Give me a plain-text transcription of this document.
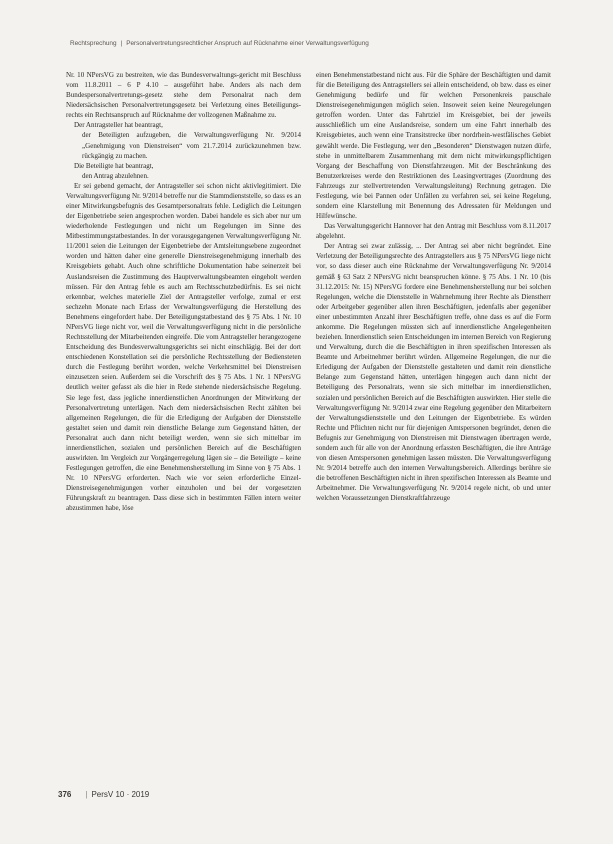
Rechtsprechung | Personalvertretungsrechtlicher Anspruch auf Rücknahme einer Verwaltungsverfügung

Nr. 10 NPersVG zu bestreiten, wie das Bundesverwaltungs-gericht mit Beschluss vom 11.8.2011 – 6 P 4.10 – ausgeführt habe. Anders als nach dem Bundespersonalvertretungs-gesetz stehe dem Personalrat nach dem Niedersächsischen Personalvertretungsgesetz bei Verletzung eines Beteiligungs-rechts ein Rechtsanspruch auf Rücknahme der vollzogenen Maßnahme zu.

Der Antragsteller hat beantragt,

der Beteiligten aufzugeben, die Verwaltungsverfügung Nr. 9/2014 „Genehmigung von Dienstreisen“ vom 21.7.2014 zurückzunehmen bzw. rückgängig zu machen.

Die Beteiligte hat beantragt,

den Antrag abzulehnen.

Er sei gebend gemacht, der Antragsteller sei schon nicht aktivlegitimiert. Die Verwaltungsverfügung Nr. 9/2014 betreffe nur die Stammdienststelle, so dass es an einer Mitwirkungsbefugnis des Gesamtpersonalrats fehle. Lediglich die Leitungen der Eigenbetriebe seien angesprochen worden. Dabei handele es sich aber nur um wiederholende Festlegungen und nicht um Regelungen im Sinne des Mitbestimmungstatbestandes. In der vorausgegangenen Verwaltungsverfügung Nr. 11/2001 seien die Leitungen der Eigenbetriebe der Amtsleitungsebene zugeordnet worden und hätten daher eine generelle Dienstreisegenehmigung innerhalb des Kreisgebiets gehabt. Auch ohne schriftliche Dokumentation habe seinerzeit bei Auslandsreisen die Zustimmung des Hauptverwaltungsbeamten eingeholt werden müssen. Für den Antrag fehle es auch am Rechtsschutzbedürfnis. Es sei nicht erkennbar, welches materielle Ziel der Antragsteller verfolge, zumal er erst sechzehn Monate nach Erlass der Verwaltungsverfügung die Herstellung des Benehmens eingefordert habe. Der Beteiligungstatbestand des § 75 Abs. 1 Nr. 10 NPersVG liege nicht vor, weil die Verwaltungsverfügung nicht in die persönliche Rechtsstellung der Mitarbeitenden eingreife. Die vom Antragsteller herangezogene Entscheidung des Bundesverwaltungsgerichts sei nicht einschlägig. Bei der dort entschiedenen Konstellation sei die persönliche Rechtsstellung der Bediensteten durch die Festlegung berührt worden, welche Verkehrsmittel bei Dienstreisen einzusetzen seien. Außerdem sei die Vorschrift des § 75 Abs. 1 Nr. 1 NPersVG deutlich weiter gefasst als die hier in Rede stehende niedersächsische Regelung. Sie lege fest, dass jegliche innerdienstlichen Anordnungen der Mitwirkung der Personalvertretung unterlägen. Nach dem niedersächsischen Recht zählten bei allgemeinen Regelungen, die für die Erledigung der Aufgaben der Dienststelle gestaltet seien und damit rein dienstliche Belange zum Gegenstand hätten, der Personalrat auch dann nicht beteiligt werden, wenn sie sich mittelbar im innerdienstlichen, sozialen und persönlichen Bereich auf die Beschäftigten auswirkten. Im Vergleich zur Vorgängerregelung lägen sie – die Beteiligte – keine Festlegungen getroffen, die eine Benehmensherstellung im Sinne von § 75 Abs. 1 Nr. 10 NPersVG erforderten. Nach wie vor seien erforderliche Einzel-Dienstreisegenehmigungen vorher einzuholen und bei der vorgesetzten Führungskraft zu beantragen. Dass diese sich in bestimmten Fällen intern weiter abzustimmen habe, löse

einen Benehmenstatbestand nicht aus. Für die Sphäre der Beschäftigten und damit für die Beteiligung des Antragstellers sei allein entscheidend, ob bzw. dass es einer Genehmigung bedürfe und für welchen Personenkreis pauschale Dienstreisegenehmigungen möglich seien. Insoweit seien keine Neuregelungen getroffen worden. Unter das Fahrtziel im Kreisgebiet, bei der jeweils ausschließlich um eine Auslandsreise, sondern um eine Fahrt innerhalb des Kreisgebietes, auch wenn eine Transitstrecke über nordrhein-westfälisches Gebiet gewählt werde. Die Festlegung, wer den „Besonderen“ Dienstwagen nutzen dürfe, stehe in unmittelbarem Zusammenhang mit dem nicht mitwirkungspflichtigen Vorgang der Beschaffung von Dienstfahrzeugen. Mit der Beschränkung des Benutzerkreises werde den Restriktionen des Leasingvertrages (Zuordnung des Fahrzeugs zur stellvertretenden Verwaltungsleitung) Rechnung getragen. Die Festlegung, wie bei Pannen oder Unfällen zu verfahren sei, sei keine Regelung, sondern eine Klarstellung mit Benennung des Adressaten für Meldungen und Hilfewünsche.

Das Verwaltungsgericht Hannover hat den Antrag mit Beschluss vom 8.11.2017 abgelehnt.

Der Antrag sei zwar zulässig, ... Der Antrag sei aber nicht begründet. Eine Verletzung der Beteiligungsrechte des Antragstellers aus § 75 NPersVG liege nicht vor, so dass dieser auch eine Rücknahme der Verwaltungsverfügung Nr. 9/2014 gemäß § 63 Satz 2 NPersVG nicht beanspruchen könne. § 75 Abs. 1 Nr. 10 (bis 31.12.2015: Nr. 15) NPersVG fordere eine Benehmensherstellung nur bei solchen Regelungen, welche die Dienststelle in Wahrnehmung ihrer Rechte als Dienstherr oder Arbeitgeber gegenüber allen ihren Beschäftigten, jedenfalls aber gegenüber einer unbestimmten Anzahl ihrer Beschäftigten treffe, ohne dass es auf die Form ankomme. Die Regelungen müssten sich auf innerdienstliche Angelegenheiten beziehen. Innerdienstlich seien Entscheidungen im internen Bereich von Regierung und Verwaltung, durch die die Beschäftigten in ihren spezifischen Interessen als Beamte und Arbeitnehmer berührt würden. Allgemeine Regelungen, die nur die Erledigung der Aufgaben der Dienststelle gestalteten und damit rein dienstliche Belange zum Gegenstand hätten, unterlägen hingegen auch dann nicht der Beteiligung des Personalrats, wenn sie sich mittelbar im innerdienstlichen, sozialen und persönlichen Bereich auf die Beschäftigten auswirkten. Hier stelle die Verwaltungsverfügung Nr. 9/2014 zwar eine Regelung gegenüber den Mitarbeitern der Verwaltungsdienststelle und den Leitungen der Eigenbetriebe. Es würden Rechte und Pflichten nicht nur für diejenigen Amtspersonen begründet, denen die Befugnis zur Genehmigung von Dienstreisen mit Dienstwagen übertragen werde, sondern auch für alle von der Anordnung erfassten Beschäftigten, die ihre Anträge von diesen Amtspersonen genehmigen lassen müssten. Die Verwaltungsverfügung Nr. 9/2014 betreffe auch den internen Verwaltungsbereich. Allerdings berühre sie die betroffenen Beschäftigten nicht in ihren spezifischen Interessen als Beamte und Arbeitnehmer. Die Verwaltungsverfügung Nr. 9/2014 regele nicht, ob und unter welchen Voraussetzungen Dienstkraftfahrzeuge

376 | PersV 10 · 2019
